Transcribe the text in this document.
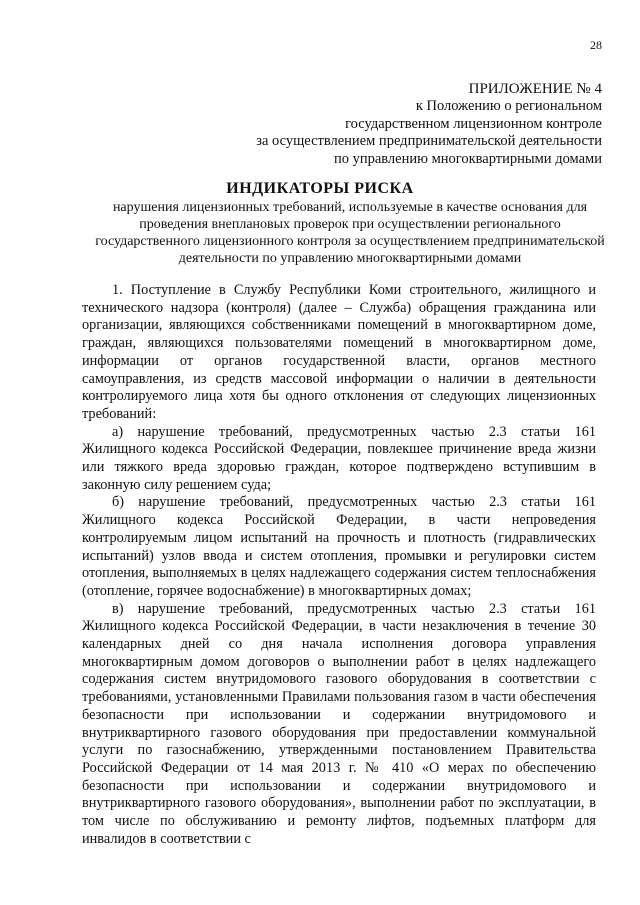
28
ПРИЛОЖЕНИЕ № 4
к Положению о региональном
государственном лицензионном контроле
за осуществлением предпринимательской деятельности
по управлению многоквартирными домами
ИНДИКАТОРЫ РИСКА
нарушения лицензионных требований, используемые в качестве основания для проведения внеплановых проверок при осуществлении регионального государственного лицензионного контроля за осуществлением предпринимательской деятельности по управлению многоквартирными домами

1. Поступление в Службу Республики Коми строительного, жилищного и технического надзора (контроля) (далее – Служба) обращения гражданина или организации, являющихся собственниками помещений в многоквартирном доме, граждан, являющихся пользователями помещений в многоквартирном доме, информации от органов государственной власти, органов местного самоуправления, из средств массовой информации о наличии в деятельности контролируемого лица хотя бы одного отклонения от следующих лицензионных требований:

а) нарушение требований, предусмотренных частью 2.3 статьи 161 Жилищного кодекса Российской Федерации, повлекшее причинение вреда жизни или тяжкого вреда здоровью граждан, которое подтверждено вступившим в законную силу решением суда;

б) нарушение требований, предусмотренных частью 2.3 статьи 161 Жилищного кодекса Российской Федерации, в части непроведения контролируемым лицом испытаний на прочность и плотность (гидравлических испытаний) узлов ввода и систем отопления, промывки и регулировки систем отопления, выполняемых в целях надлежащего содержания систем теплоснабжения (отопление, горячее водоснабжение) в многоквартирных домах;

в) нарушение требований, предусмотренных частью 2.3 статьи 161 Жилищного кодекса Российской Федерации, в части незаключения в течение 30 календарных дней со дня начала исполнения договора управления многоквартирным домом договоров о выполнении работ в целях надлежащего содержания систем внутридомового газового оборудования в соответствии с требованиями, установленными Правилами пользования газом в части обеспечения безопасности при использовании и содержании внутридомового и внутриквартирного газового оборудования при предоставлении коммунальной услуги по газоснабжению, утвержденными постановлением Правительства Российской Федерации от 14 мая 2013 г. № 410 «О мерах по обеспечению безопасности при использовании и содержании внутридомового и внутриквартирного газового оборудования», выполнении работ по эксплуатации, в том числе по обслуживанию и ремонту лифтов, подъемных платформ для инвалидов в соответствии с
